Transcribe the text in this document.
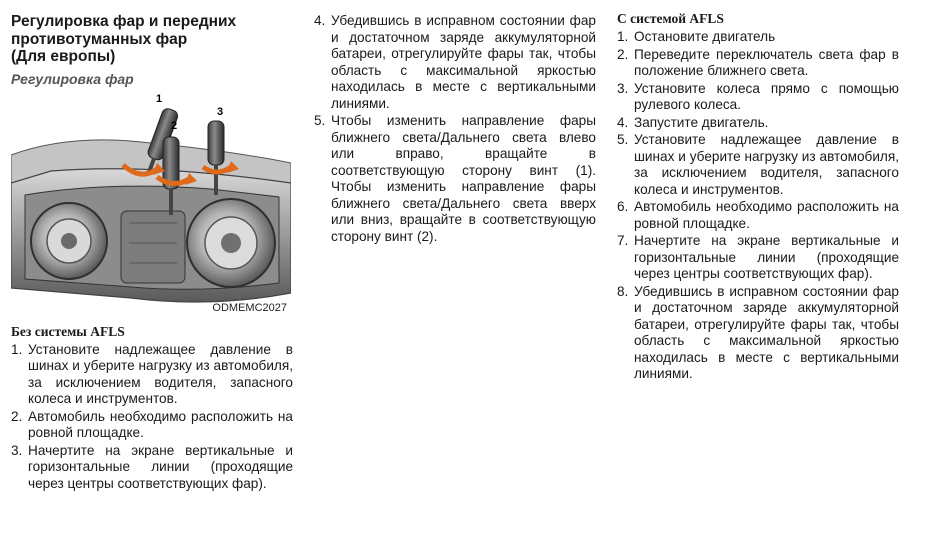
Регулировка фар и передних
противотуманных фар
(Для европы)
Регулировка фар
1
2
3
ODMEMC2027
Без системы AFLS
1. Установите надлежащее давление в шинах и уберите нагрузку из автомобиля, за исключением водителя, запасного колеса и инструментов.
2. Автомобиль необходимо расположить на ровной площадке.
3. Начертите на экране вертикальные и горизонтальные линии (проходящие через центры соответствующих фар).
4. Убедившись в исправном состоянии фар и достаточном заряде аккумуляторной батареи, отрегулируйте фары так, чтобы область с максимальной яркостью находилась в месте с вертикальными линиями.
5. Чтобы изменить направление фары ближнего света/Дальнего света влево или вправо, вращайте в соответствующую сторону винт (1). Чтобы изменить направление фары ближнего света/Дальнего света вверх или вниз, вращайте в соответствующую сторону винт (2).
С системой AFLS
1. Остановите двигатель
2. Переведите переключатель света фар в положение ближнего света.
3. Установите колеса прямо с помощью рулевого колеса.
4. Запустите двигатель.
5. Установите надлежащее давление в шинах и уберите нагрузку из автомобиля, за исключением водителя, запасного колеса и инструментов.
6. Автомобиль необходимо расположить на ровной площадке.
7. Начертите на экране вертикальные и горизонтальные линии (проходящие через центры соответствующих фар).
8. Убедившись в исправном состоянии фар и достаточном заряде аккумуляторной батареи, отрегулируйте фары так, чтобы область с максимальной яркостью находилась в месте с вертикальными линиями.
